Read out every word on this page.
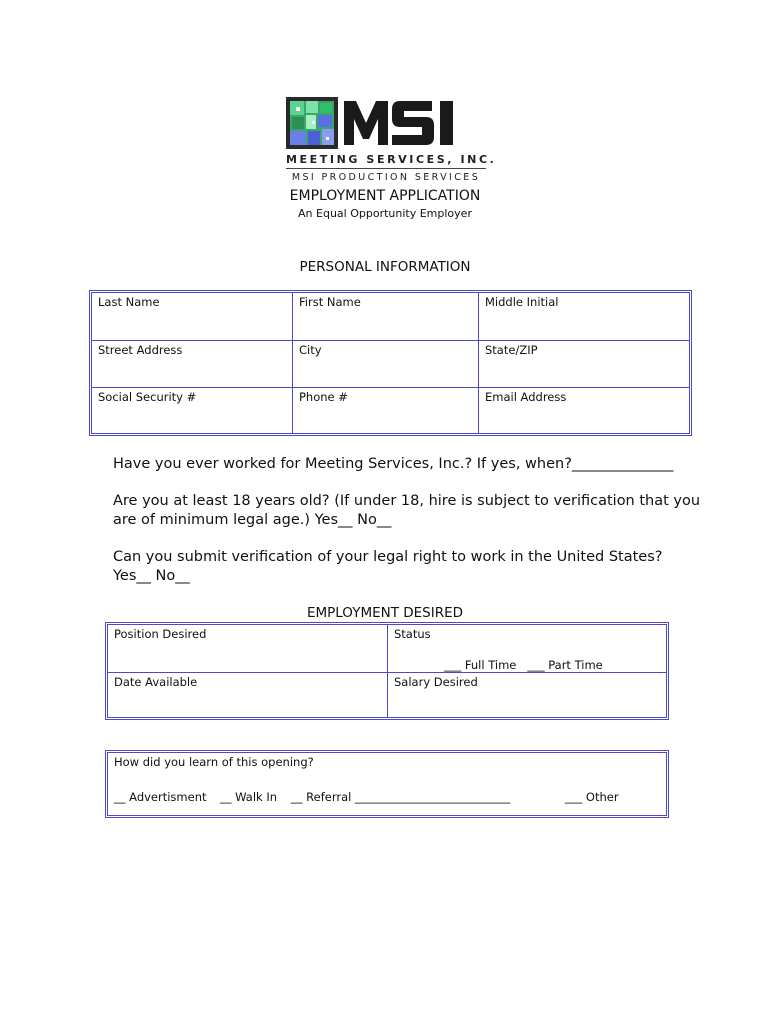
MEETING SERVICES, INC.
MSI PRODUCTION SERVICES
EMPLOYMENT APPLICATION
An Equal Opportunity Employer
PERSONAL INFORMATION
Last Name	First Name	Middle Initial
Street Address	City	State/ZIP
Social Security #	Phone #	Email Address
Have you ever worked for Meeting Services, Inc.? If yes, when?______________
Are you at least 18 years old? (If under 18, hire is subject to verification that you
are of minimum legal age.) Yes__ No__
Can you submit verification of your legal right to work in the United States?
Yes__ No__
EMPLOYMENT DESIRED
Position Desired	Status
___ Full Time   ___ Part Time
Date Available	Salary Desired
How did you learn of this opening?
__ Advertisment __ Walk In __ Referral ___________________________	___ Other
